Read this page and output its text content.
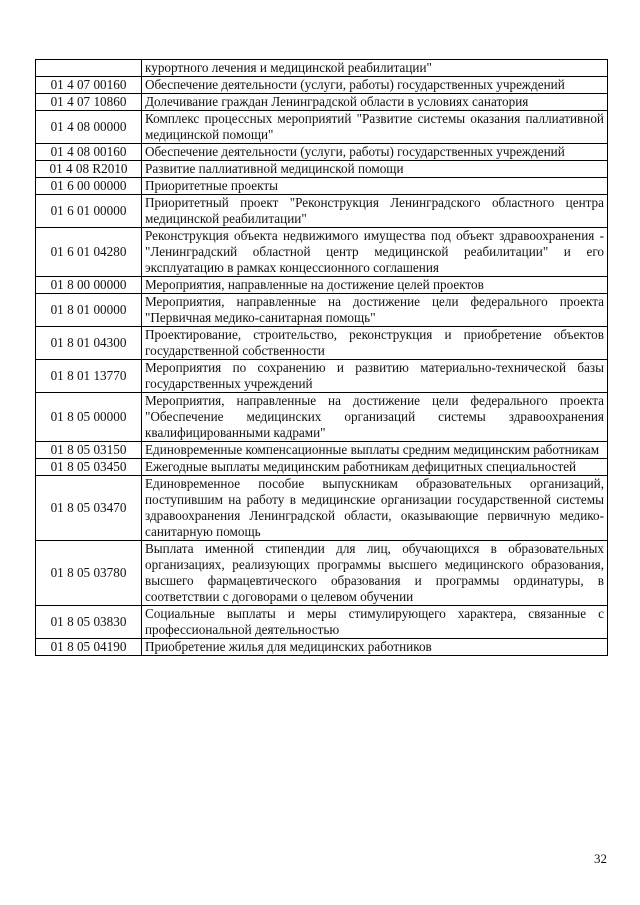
	курортного лечения и медицинской реабилитации"
01 4 07 00160	Обеспечение деятельности (услуги, работы) государственных учреждений
01 4 07 10860	Долечивание граждан Ленинградской области в условиях санатория
01 4 08 00000	Комплекс процессных мероприятий "Развитие системы оказания паллиативной медицинской помощи"
01 4 08 00160	Обеспечение деятельности (услуги, работы) государственных учреждений
01 4 08 R2010	Развитие паллиативной медицинской помощи
01 6 00 00000	Приоритетные проекты
01 6 01 00000	Приоритетный проект "Реконструкция Ленинградского областного центра медицинской реабилитации"
01 6 01 04280	Реконструкция объекта недвижимого имущества под объект здравоохранения - "Ленинградский областной центр медицинской реабилитации" и его эксплуатацию в рамках концессионного соглашения
01 8 00 00000	Мероприятия, направленные на достижение целей проектов
01 8 01 00000	Мероприятия, направленные на достижение цели федерального проекта "Первичная медико-санитарная помощь"
01 8 01 04300	Проектирование, строительство, реконструкция и приобретение объектов государственной собственности
01 8 01 13770	Мероприятия по сохранению и развитию материально-технической базы государственных учреждений
01 8 05 00000	Мероприятия, направленные на достижение цели федерального проекта "Обеспечение медицинских организаций системы здравоохранения квалифицированными кадрами"
01 8 05 03150	Единовременные компенсационные выплаты средним медицинским работникам
01 8 05 03450	Ежегодные выплаты медицинским работникам дефицитных специальностей
01 8 05 03470	Единовременное пособие выпускникам образовательных организаций, поступившим на работу в медицинские организации государственной системы здравоохранения Ленинградской области, оказывающие первичную медико-санитарную помощь
01 8 05 03780	Выплата именной стипендии для лиц, обучающихся в образовательных организациях, реализующих программы высшего медицинского образования, высшего фармацевтического образования и программы ординатуры, в соответствии с договорами о целевом обучении
01 8 05 03830	Социальные выплаты и меры стимулирующего характера, связанные с профессиональной деятельностью
01 8 05 04190	Приобретение жилья для медицинских работников
32
